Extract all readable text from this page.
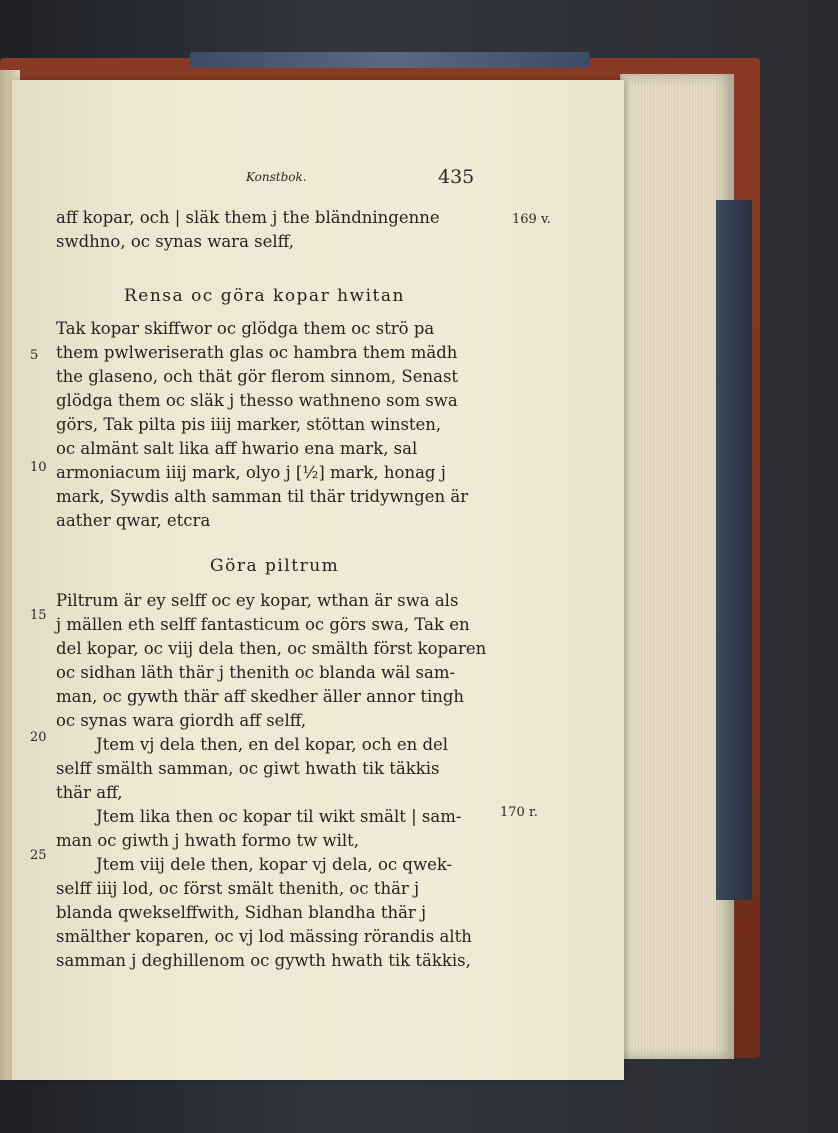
Konstbok.	435
169 v.
170 r.
5
10
15
20
25
aff kopar, och | släk them j the bländningenne
swdhno, oc synas wara selff,
Rensa oc göra kopar hwitan
Tak kopar skiffwor oc glödga them oc strö pa
them pwlweriserath glas oc hambra them mädh
the glaseno, och thät gör flerom sinnom, Senast
glödga them oc släk j thesso wathneno som swa
görs, Tak pilta pis iiij marker, stöttan winsten,
oc almänt salt lika aff hwario ena mark, sal
armoniacum iiij mark, olyo j [½] mark, honag j
mark, Sywdis alth samman til thär tridywngen är
aather qwar, etcra
Göra piltrum
Piltrum är ey selff oc ey kopar, wthan är swa als
j mällen eth selff fantasticum oc görs swa, Tak en
del kopar, oc viij dela then, oc smälth först koparen
oc sidhan läth thär j thenith oc blanda wäl sam-
man, oc gywth thär aff skedher äller annor tingh
oc synas wara giordh aff selff,
Jtem vj dela then, en del kopar, och en del
selff smälth samman, oc giwt hwath tik täkkis
thär aff,
Jtem lika then oc kopar til wikt smält | sam-
man oc giwth j hwath formo tw wilt,
Jtem viij dele then, kopar vj dela, oc qwek-
selff iiij lod, oc först smält thenith, oc thär j
blanda qwekselffwith, Sidhan blandha thär j
smälther koparen, oc vj lod mässing rörandis alth
samman j deghillenom oc gywth hwath tik täkkis,
